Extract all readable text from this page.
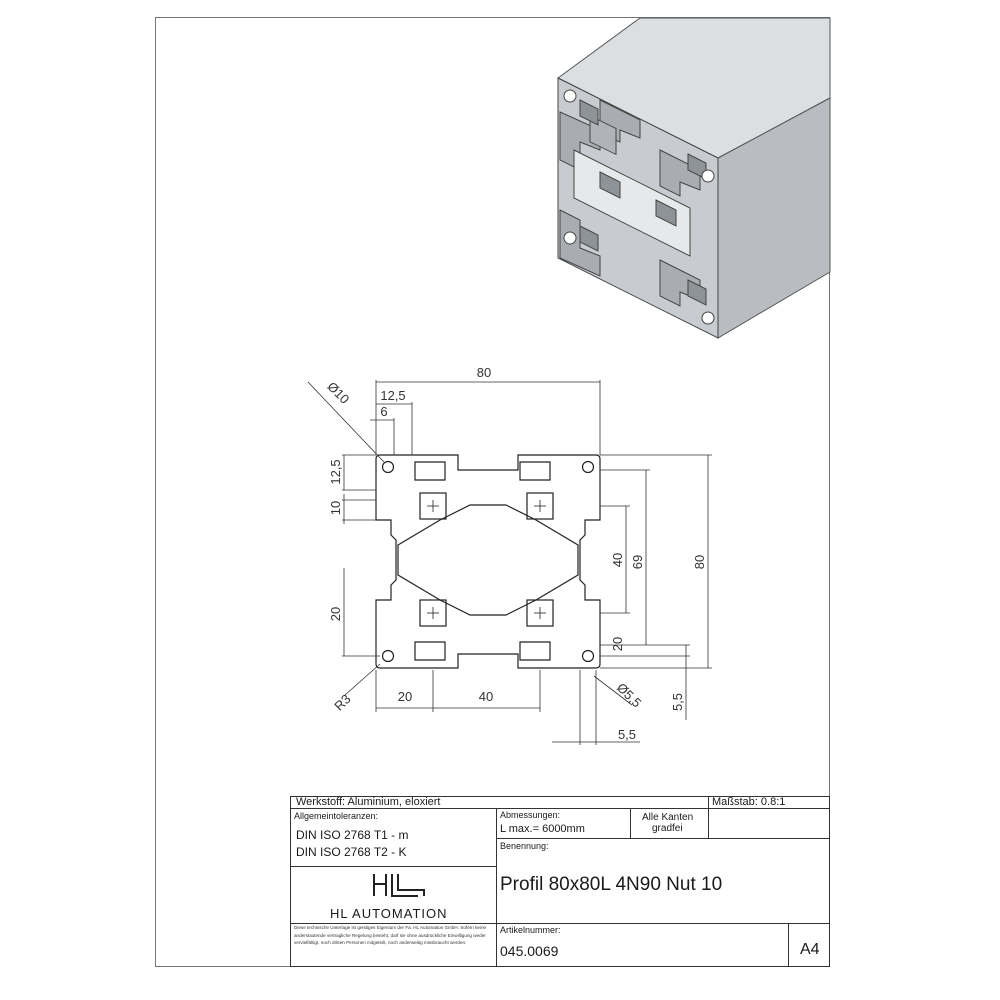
80
12,5
6
Ø10
12,5
10
20
R3	20	40	Ø5,5 5,5
5,5
40 69	80
20
Werkstoff: Aluminium, eloxiert	Maßstab: 0.8:1
Allgemeintoleranzen:
DIN ISO 2768 T1 - m
DIN ISO 2768 T2 - K
Abmessungen:
L max.= 6000mm
Alle Kanten
gradfei
Benennung:
Profil 80x80L 4N90 Nut 10
HL AUTOMATION
Diese technische Unterlage ist geistiges Eigentum der Fa. HL Automation GmbH. Sofern keine anderslautende vertragliche Regelung besteht, darf sie ohne ausdrückliche Einwilligung weder vervielfältigt, noch dritten Personen mitgeteilt, noch anderweitig missbraucht werden.
Artikelnummer:
045.0069	A4
